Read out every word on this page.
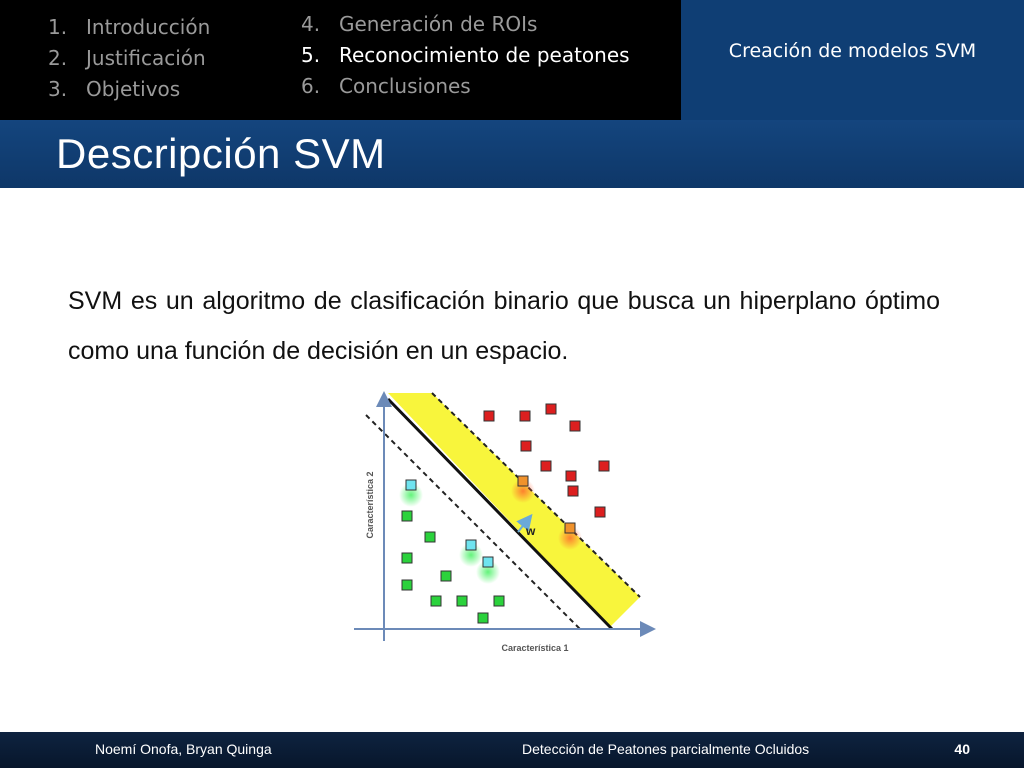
1. Introducción
2. Justificación
3. Objetivos
4. Generación de ROIs
5. Reconocimiento de peatones
6. Conclusiones
Creación de modelos SVM
Descripción SVM

SVM es un algoritmo de clasificación binario que busca un hiperplano óptimo como una función de decisión en un espacio.

Característica 2
Característica 1
w
Noemí Onofa, Bryan Quinga	Detección de Peatones parcialmente Ocluidos	40
